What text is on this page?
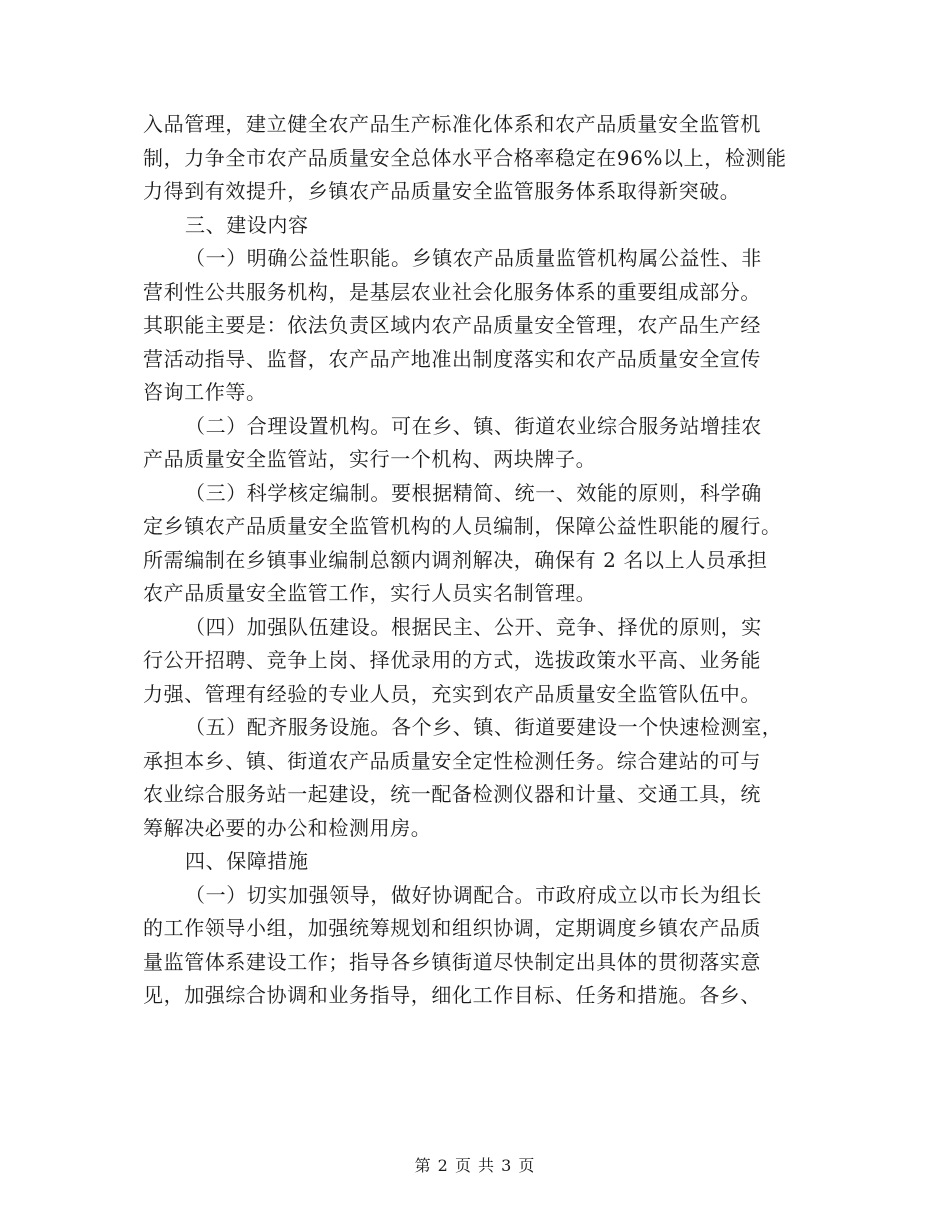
入品管理，建立健全农产品生产标准化体系和农产品质量安全监管机
制，力争全市农产品质量安全总体水平合格率稳定在96%以上，检测能
力得到有效提升，乡镇农产品质量安全监管服务体系取得新突破。
三、建设内容
（一）明确公益性职能。乡镇农产品质量监管机构属公益性、非
营利性公共服务机构，是基层农业社会化服务体系的重要组成部分。
其职能主要是：依法负责区域内农产品质量安全管理，农产品生产经
营活动指导、监督，农产品产地准出制度落实和农产品质量安全宣传
咨询工作等。
（二）合理设置机构。可在乡、镇、街道农业综合服务站增挂农
产品质量安全监管站，实行一个机构、两块牌子。
（三）科学核定编制。要根据精简、统一、效能的原则，科学确
定乡镇农产品质量安全监管机构的人员编制，保障公益性职能的履行。
所需编制在乡镇事业编制总额内调剂解决，确保有 2 名以上人员承担
农产品质量安全监管工作，实行人员实名制管理。
（四）加强队伍建设。根据民主、公开、竞争、择优的原则，实
行公开招聘、竞争上岗、择优录用的方式，选拔政策水平高、业务能
力强、管理有经验的专业人员，充实到农产品质量安全监管队伍中。
（五）配齐服务设施。各个乡、镇、街道要建设一个快速检测室，
承担本乡、镇、街道农产品质量安全定性检测任务。综合建站的可与
农业综合服务站一起建设，统一配备检测仪器和计量、交通工具，统
筹解决必要的办公和检测用房。
四、保障措施
（一）切实加强领导，做好协调配合。市政府成立以市长为组长
的工作领导小组，加强统筹规划和组织协调，定期调度乡镇农产品质
量监管体系建设工作；指导各乡镇街道尽快制定出具体的贯彻落实意
见，加强综合协调和业务指导，细化工作目标、任务和措施。各乡、
第 2 页 共 3 页
